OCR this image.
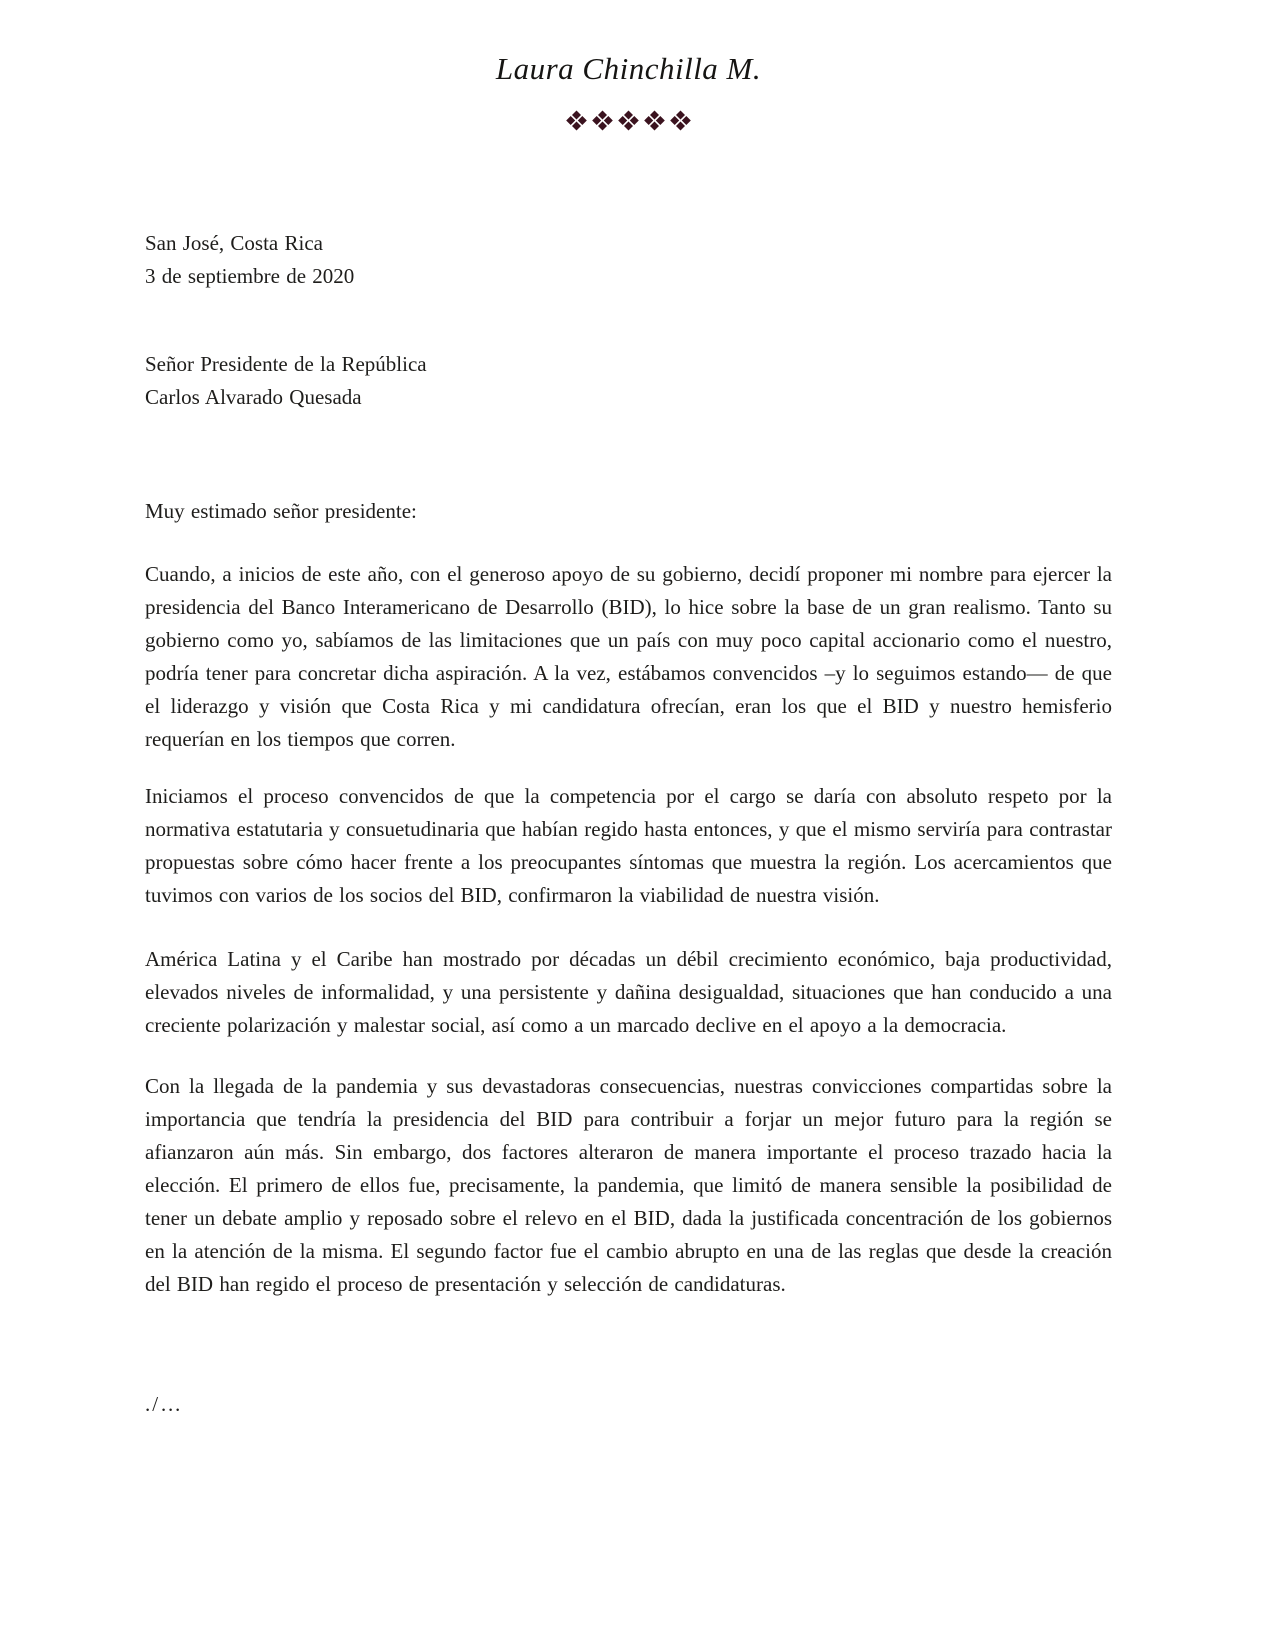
Laura Chinchilla M.
San José, Costa Rica
3 de septiembre de 2020
Señor Presidente de la República
Carlos Alvarado Quesada
Muy estimado señor presidente:

Cuando, a inicios de este año, con el generoso apoyo de su gobierno, decidí proponer mi nombre para ejercer la presidencia del Banco Interamericano de Desarrollo (BID), lo hice sobre la base de un gran realismo. Tanto su gobierno como yo, sabíamos de las limitaciones que un país con muy poco capital accionario como el nuestro, podría tener para concretar dicha aspiración. A la vez, estábamos convencidos –y lo seguimos estando— de que el liderazgo y visión que Costa Rica y mi candidatura ofrecían, eran los que el BID y nuestro hemisferio requerían en los tiempos que corren.

Iniciamos el proceso convencidos de que la competencia por el cargo se daría con absoluto respeto por la normativa estatutaria y consuetudinaria que habían regido hasta entonces, y que el mismo serviría para contrastar propuestas sobre cómo hacer frente a los preocupantes síntomas que muestra la región. Los acercamientos que tuvimos con varios de los socios del BID, confirmaron la viabilidad de nuestra visión.

América Latina y el Caribe han mostrado por décadas un débil crecimiento económico, baja productividad, elevados niveles de informalidad, y una persistente y dañina desigualdad, situaciones que han conducido a una creciente polarización y malestar social, así como a un marcado declive en el apoyo a la democracia.

Con la llegada de la pandemia y sus devastadoras consecuencias, nuestras convicciones compartidas sobre la importancia que tendría la presidencia del BID para contribuir a forjar un mejor futuro para la región se afianzaron aún más. Sin embargo, dos factores alteraron de manera importante el proceso trazado hacia la elección. El primero de ellos fue, precisamente, la pandemia, que limitó de manera sensible la posibilidad de tener un debate amplio y reposado sobre el relevo en el BID, dada la justificada concentración de los gobiernos en la atención de la misma. El segundo factor fue el cambio abrupto en una de las reglas que desde la creación del BID han regido el proceso de presentación y selección de candidaturas.

./…
